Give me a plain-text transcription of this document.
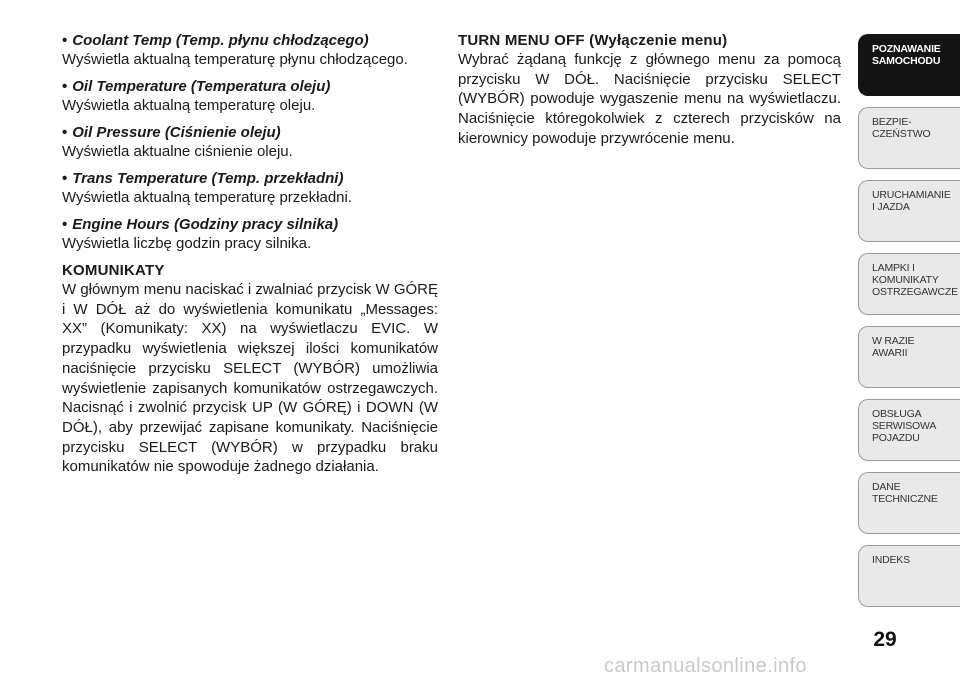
• Coolant Temp (Temp. płynu chłodzącego)

Wyświetla aktualną temperaturę płynu chłodzącego.

• Oil Temperature (Temperatura oleju)

Wyświetla aktualną temperaturę oleju.

• Oil Pressure (Ciśnienie oleju)

Wyświetla aktualne ciśnienie oleju.

• Trans Temperature (Temp. przekładni)

Wyświetla aktualną temperaturę przekładni.

• Engine Hours (Godziny pracy silnika)

Wyświetla liczbę godzin pracy silnika.

KOMUNIKATY

W głównym menu naciskać i zwalniać przycisk W GÓRĘ i W DÓŁ aż do wyświetlenia komunikatu „Messages: XX” (Komunikaty: XX) na wyświetlaczu EVIC. W przypadku wyświetlenia większej ilości komunikatów naciśnięcie przycisku SELECT (WYBÓR) umożliwia wyświetlenie zapisanych komunikatów ostrzegawczych. Nacisnąć i zwolnić przycisk UP (W GÓRĘ) i DOWN (W DÓŁ), aby przewijać zapisane komunikaty. Naciśnięcie przycisku SELECT (WYBÓR) w przypadku braku komunikatów nie spowoduje żadnego działania.

TURN MENU OFF (Wyłączenie menu)

Wybrać żądaną funkcję z głównego menu za pomocą przycisku W DÓŁ. Naciśnięcie przycisku SELECT (WYBÓR) powoduje wygaszenie menu na wyświetlaczu. Naciśnięcie któregokolwiek z czterech przycisków na kierownicy powoduje przywrócenie menu.

POZNAWANIE
SAMOCHODU
BEZPIE-
CZEŃSTWO
URUCHAMIANIE
I JAZDA
LAMPKI I
KOMUNIKATY
OSTRZEGAWCZE
W RAZIE
AWARII
OBSŁUGA
SERWISOWA
POJAZDU
DANE
TECHNICZNE
INDEKS
29
carmanualsonline.info
